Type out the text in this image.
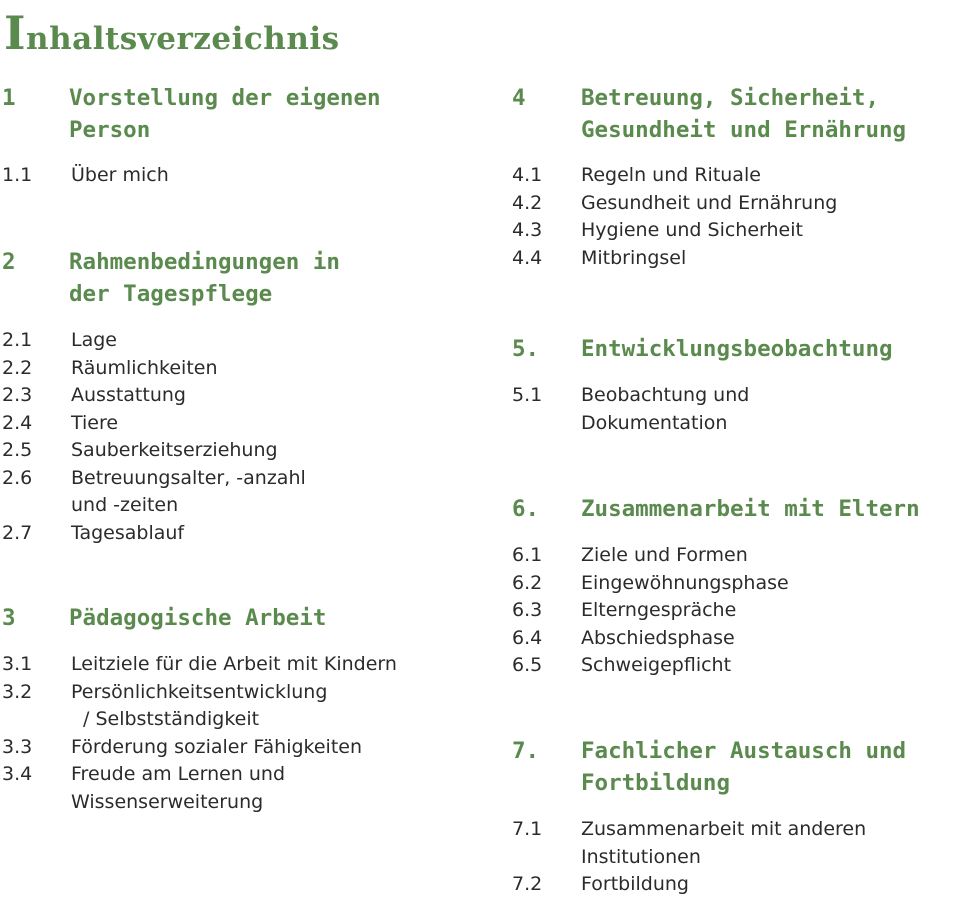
Inhaltsverzeichnis
1 Vorstellung der eigenen
Person
1.1 Über mich
2 Rahmenbedingungen in
der Tagespflege
2.1 Lage
2.2 Räumlichkeiten
2.3 Ausstattung
2.4 Tiere
2.5 Sauberkeitserziehung
2.6 Betreuungsalter, -anzahl
und -zeiten
2.7 Tagesablauf
3 Pädagogische Arbeit
3.1 Leitziele für die Arbeit mit Kindern
3.2 Persönlichkeitsentwicklung
/ Selbstständigkeit
3.3 Förderung sozialer Fähigkeiten
3.4 Freude am Lernen und
Wissenserweiterung
4 Betreuung, Sicherheit,
Gesundheit und Ernährung
4.1 Regeln und Rituale
4.2 Gesundheit und Ernährung
4.3 Hygiene und Sicherheit
4.4 Mitbringsel
5. Entwicklungsbeobachtung
5.1 Beobachtung und
Dokumentation
6. Zusammenarbeit mit Eltern
6.1 Ziele und Formen
6.2 Eingewöhnungsphase
6.3 Elterngespräche
6.4 Abschiedsphase
6.5 Schweigepflicht
7. Fachlicher Austausch und
Fortbildung
7.1 Zusammenarbeit mit anderen
Institutionen
7.2 Fortbildung
